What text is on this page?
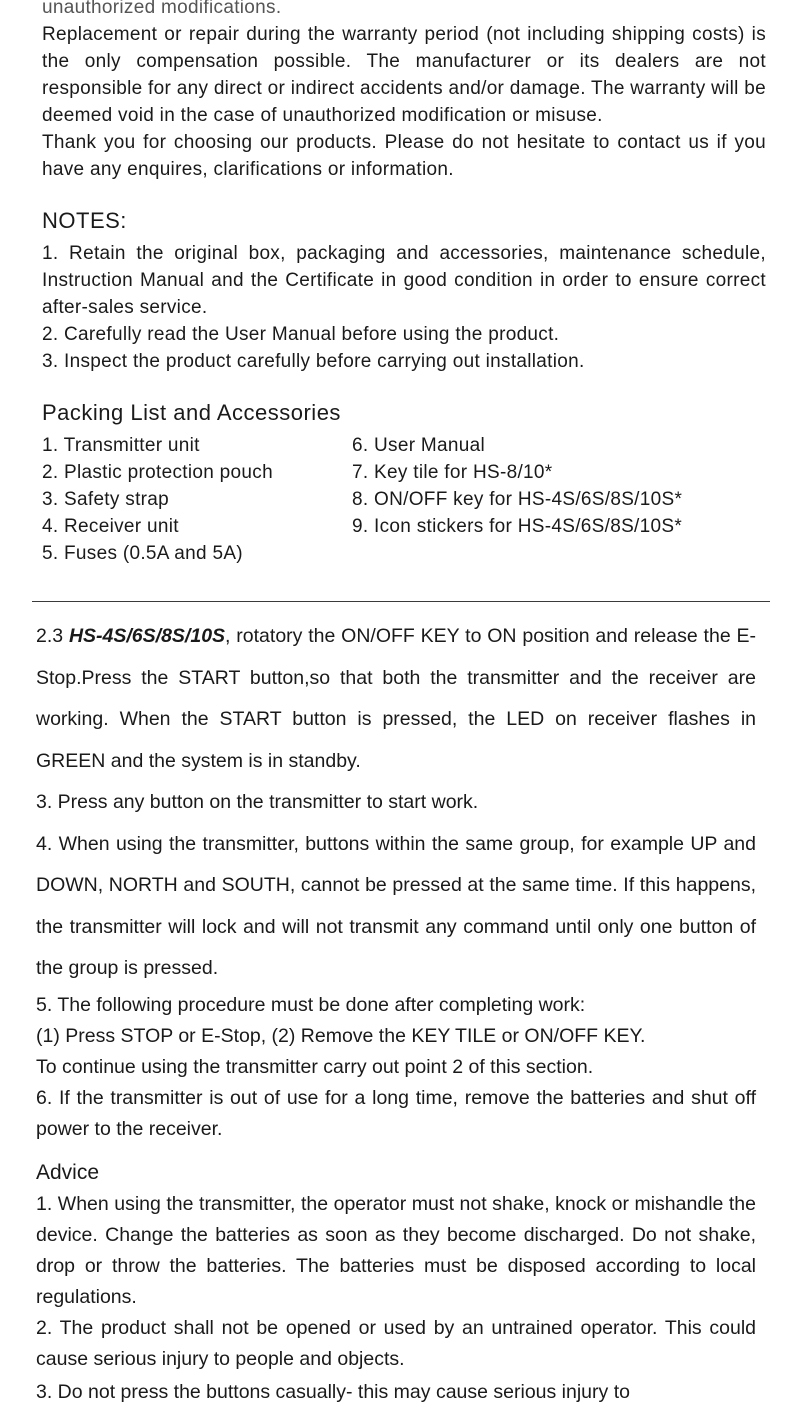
unauthorized modifications.

Replacement or repair during the warranty period (not including shipping costs) is the only compensation possible. The manufacturer or its dealers are not responsible for any direct or indirect accidents and/or damage. The warranty will be deemed void in the case of unauthorized modification or misuse.

Thank you for choosing our products. Please do not hesitate to contact us if you have any enquires, clarifications or information.

NOTES:
1. Retain the original box, packaging and accessories, maintenance schedule, Instruction Manual and the Certificate in good condition in order to ensure correct after-sales service.
2. Carefully read the User Manual before using the product.
3. Inspect the product carefully before carrying out installation.
Packing List and Accessories
1. Transmitter unit
2. Plastic protection pouch
3. Safety strap
4. Receiver unit
5. Fuses (0.5A and 5A)
6. User Manual
7. Key tile for HS-8/10*
8. ON/OFF key for HS-4S/6S/8S/10S*
9. Icon stickers for HS-4S/6S/8S/10S*

2.3 HS-4S/6S/8S/10S, rotatory the ON/OFF KEY to ON position and release the E-Stop.Press the START button,so that both the transmitter and the receiver are working. When the START button is pressed, the LED on receiver flashes in GREEN and the system is in standby.

3. Press any button on the transmitter to start work.

4. When using the transmitter, buttons within the same group, for example UP and DOWN, NORTH and SOUTH, cannot be pressed at the same time. If this happens, the transmitter will lock and will not transmit any command until only one button of the group is pressed.

5. The following procedure must be done after completing work:

(1) Press STOP or E-Stop, (2) Remove the KEY TILE or ON/OFF KEY.

To continue using the transmitter carry out point 2 of this section.

6. If the transmitter is out of use for a long time, remove the batteries and shut off power to the receiver.

Advice

1. When using the transmitter, the operator must not shake, knock or mishandle the device. Change the batteries as soon as they become discharged. Do not shake, drop or throw the batteries. The batteries must be disposed according to local regulations.

2. The product shall not be opened or used by an untrained operator. This could cause serious injury to people and objects.

3. Do not press the buttons casually- this may cause serious injury to
